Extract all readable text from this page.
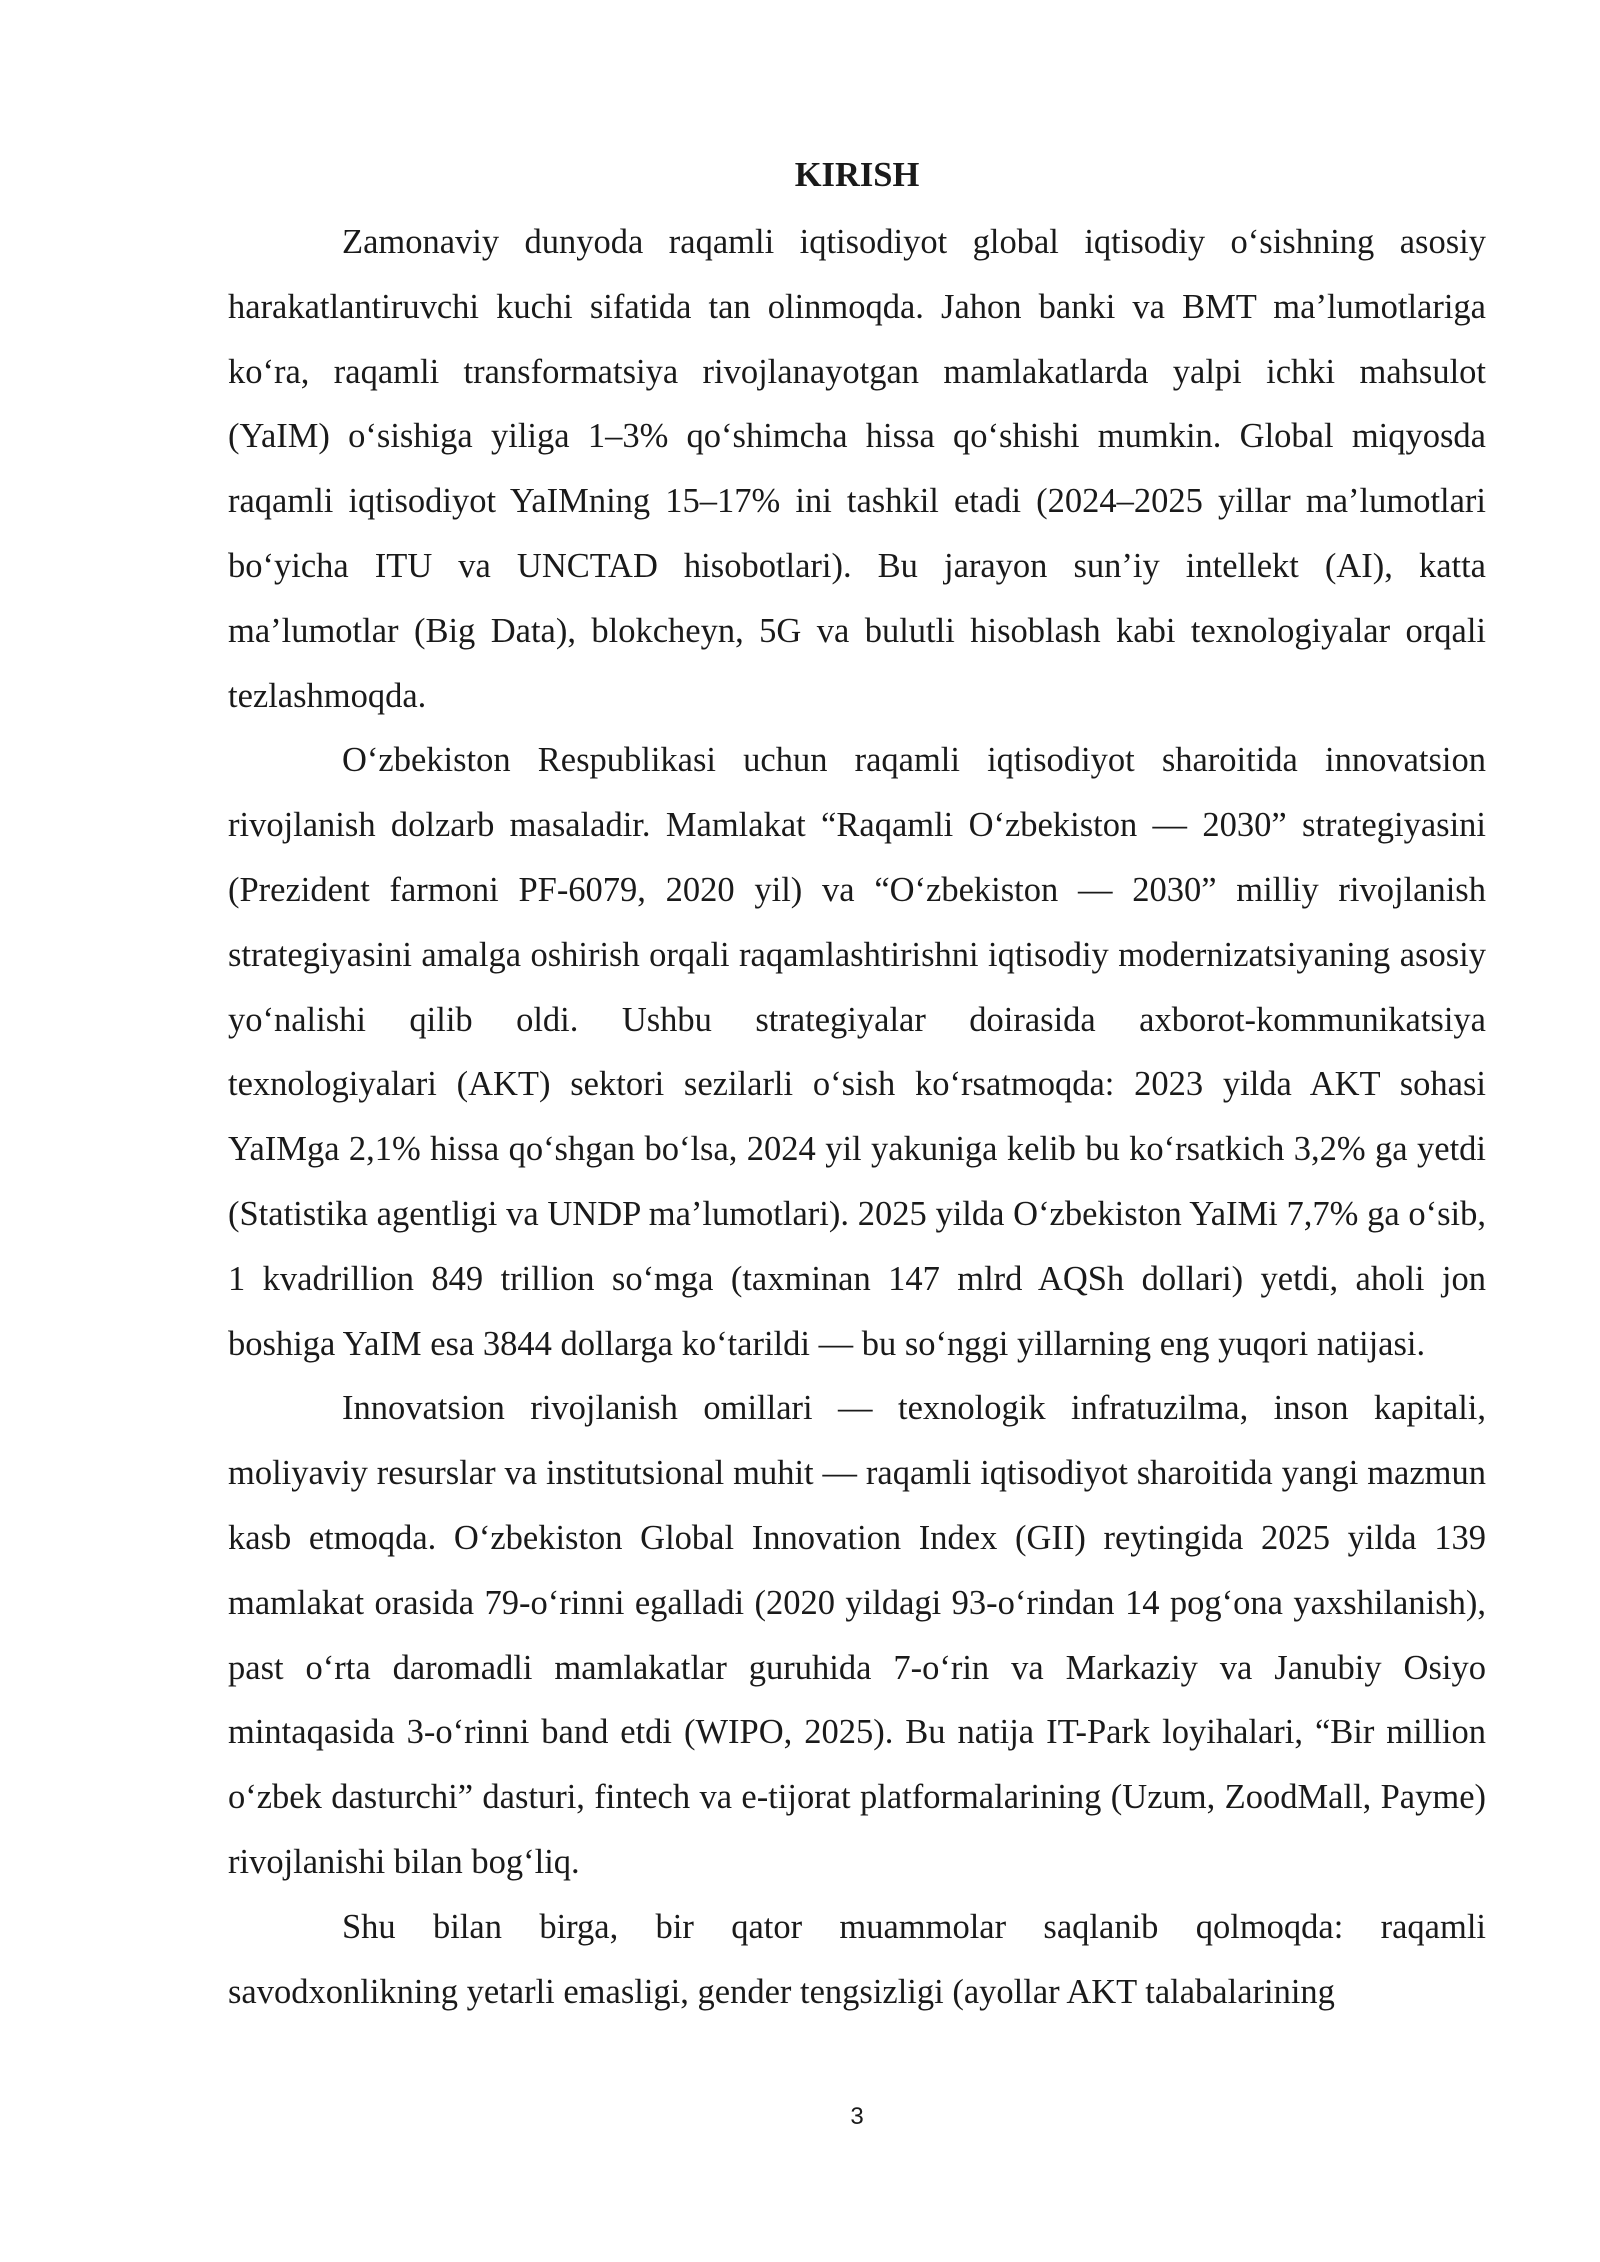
KIRISH

Zamonaviy dunyoda raqamli iqtisodiyot global iqtisodiy o‘sishning asosiy harakatlantiruvchi kuchi sifatida tan olinmoqda. Jahon banki va BMT ma’lumotlariga ko‘ra, raqamli transformatsiya rivojlanayotgan mamlakatlarda yalpi ichki mahsulot (YaIM) o‘sishiga yiliga 1–3% qo‘shimcha hissa qo‘shishi mumkin. Global miqyosda raqamli iqtisodiyot YaIMning 15–17% ini tashkil etadi (2024–2025 yillar ma’lumotlari bo‘yicha ITU va UNCTAD hisobotlari). Bu jarayon sun’iy intellekt (AI), katta ma’lumotlar (Big Data), blokcheyn, 5G va bulutli hisoblash kabi texnologiyalar orqali tezlashmoqda.

O‘zbekiston Respublikasi uchun raqamli iqtisodiyot sharoitida innovatsion rivojlanish dolzarb masaladir. Mamlakat “Raqamli O‘zbekiston — 2030” strategiyasini (Prezident farmoni PF-6079, 2020 yil) va “O‘zbekiston — 2030” milliy rivojlanish strategiyasini amalga oshirish orqali raqamlashtirishni iqtisodiy modernizatsiyaning asosiy yo‘nalishi qilib oldi. Ushbu strategiyalar doirasida axborot-kommunikatsiya texnologiyalari (AKT) sektori sezilarli o‘sish ko‘rsatmoqda: 2023 yilda AKT sohasi YaIMga 2,1% hissa qo‘shgan bo‘lsa, 2024 yil yakuniga kelib bu ko‘rsatkich 3,2% ga yetdi (Statistika agentligi va UNDP ma’lumotlari). 2025 yilda O‘zbekiston YaIMi 7,7% ga o‘sib, 1 kvadrillion 849 trillion so‘mga (taxminan 147 mlrd AQSh dollari) yetdi, aholi jon boshiga YaIM esa 3844 dollarga ko‘tarildi — bu so‘nggi yillarning eng yuqori natijasi.

Innovatsion rivojlanish omillari — texnologik infratuzilma, inson kapitali, moliyaviy resurslar va institutsional muhit — raqamli iqtisodiyot sharoitida yangi mazmun kasb etmoqda. O‘zbekiston Global Innovation Index (GII) reytingida 2025 yilda 139 mamlakat orasida 79-o‘rinni egalladi (2020 yildagi 93-o‘rindan 14 pog‘ona yaxshilanish), past o‘rta daromadli mamlakatlar guruhida 7-o‘rin va Markaziy va Janubiy Osiyo mintaqasida 3-o‘rinni band etdi (WIPO, 2025). Bu natija IT-Park loyihalari, “Bir million o‘zbek dasturchi” dasturi, fintech va e-tijorat platformalarining (Uzum, ZoodMall, Payme) rivojlanishi bilan bog‘liq.

Shu bilan birga, bir qator muammolar saqlanib qolmoqda: raqamli savodxonlikning yetarli emasligi, gender tengsizligi (ayollar AKT talabalarining

3
